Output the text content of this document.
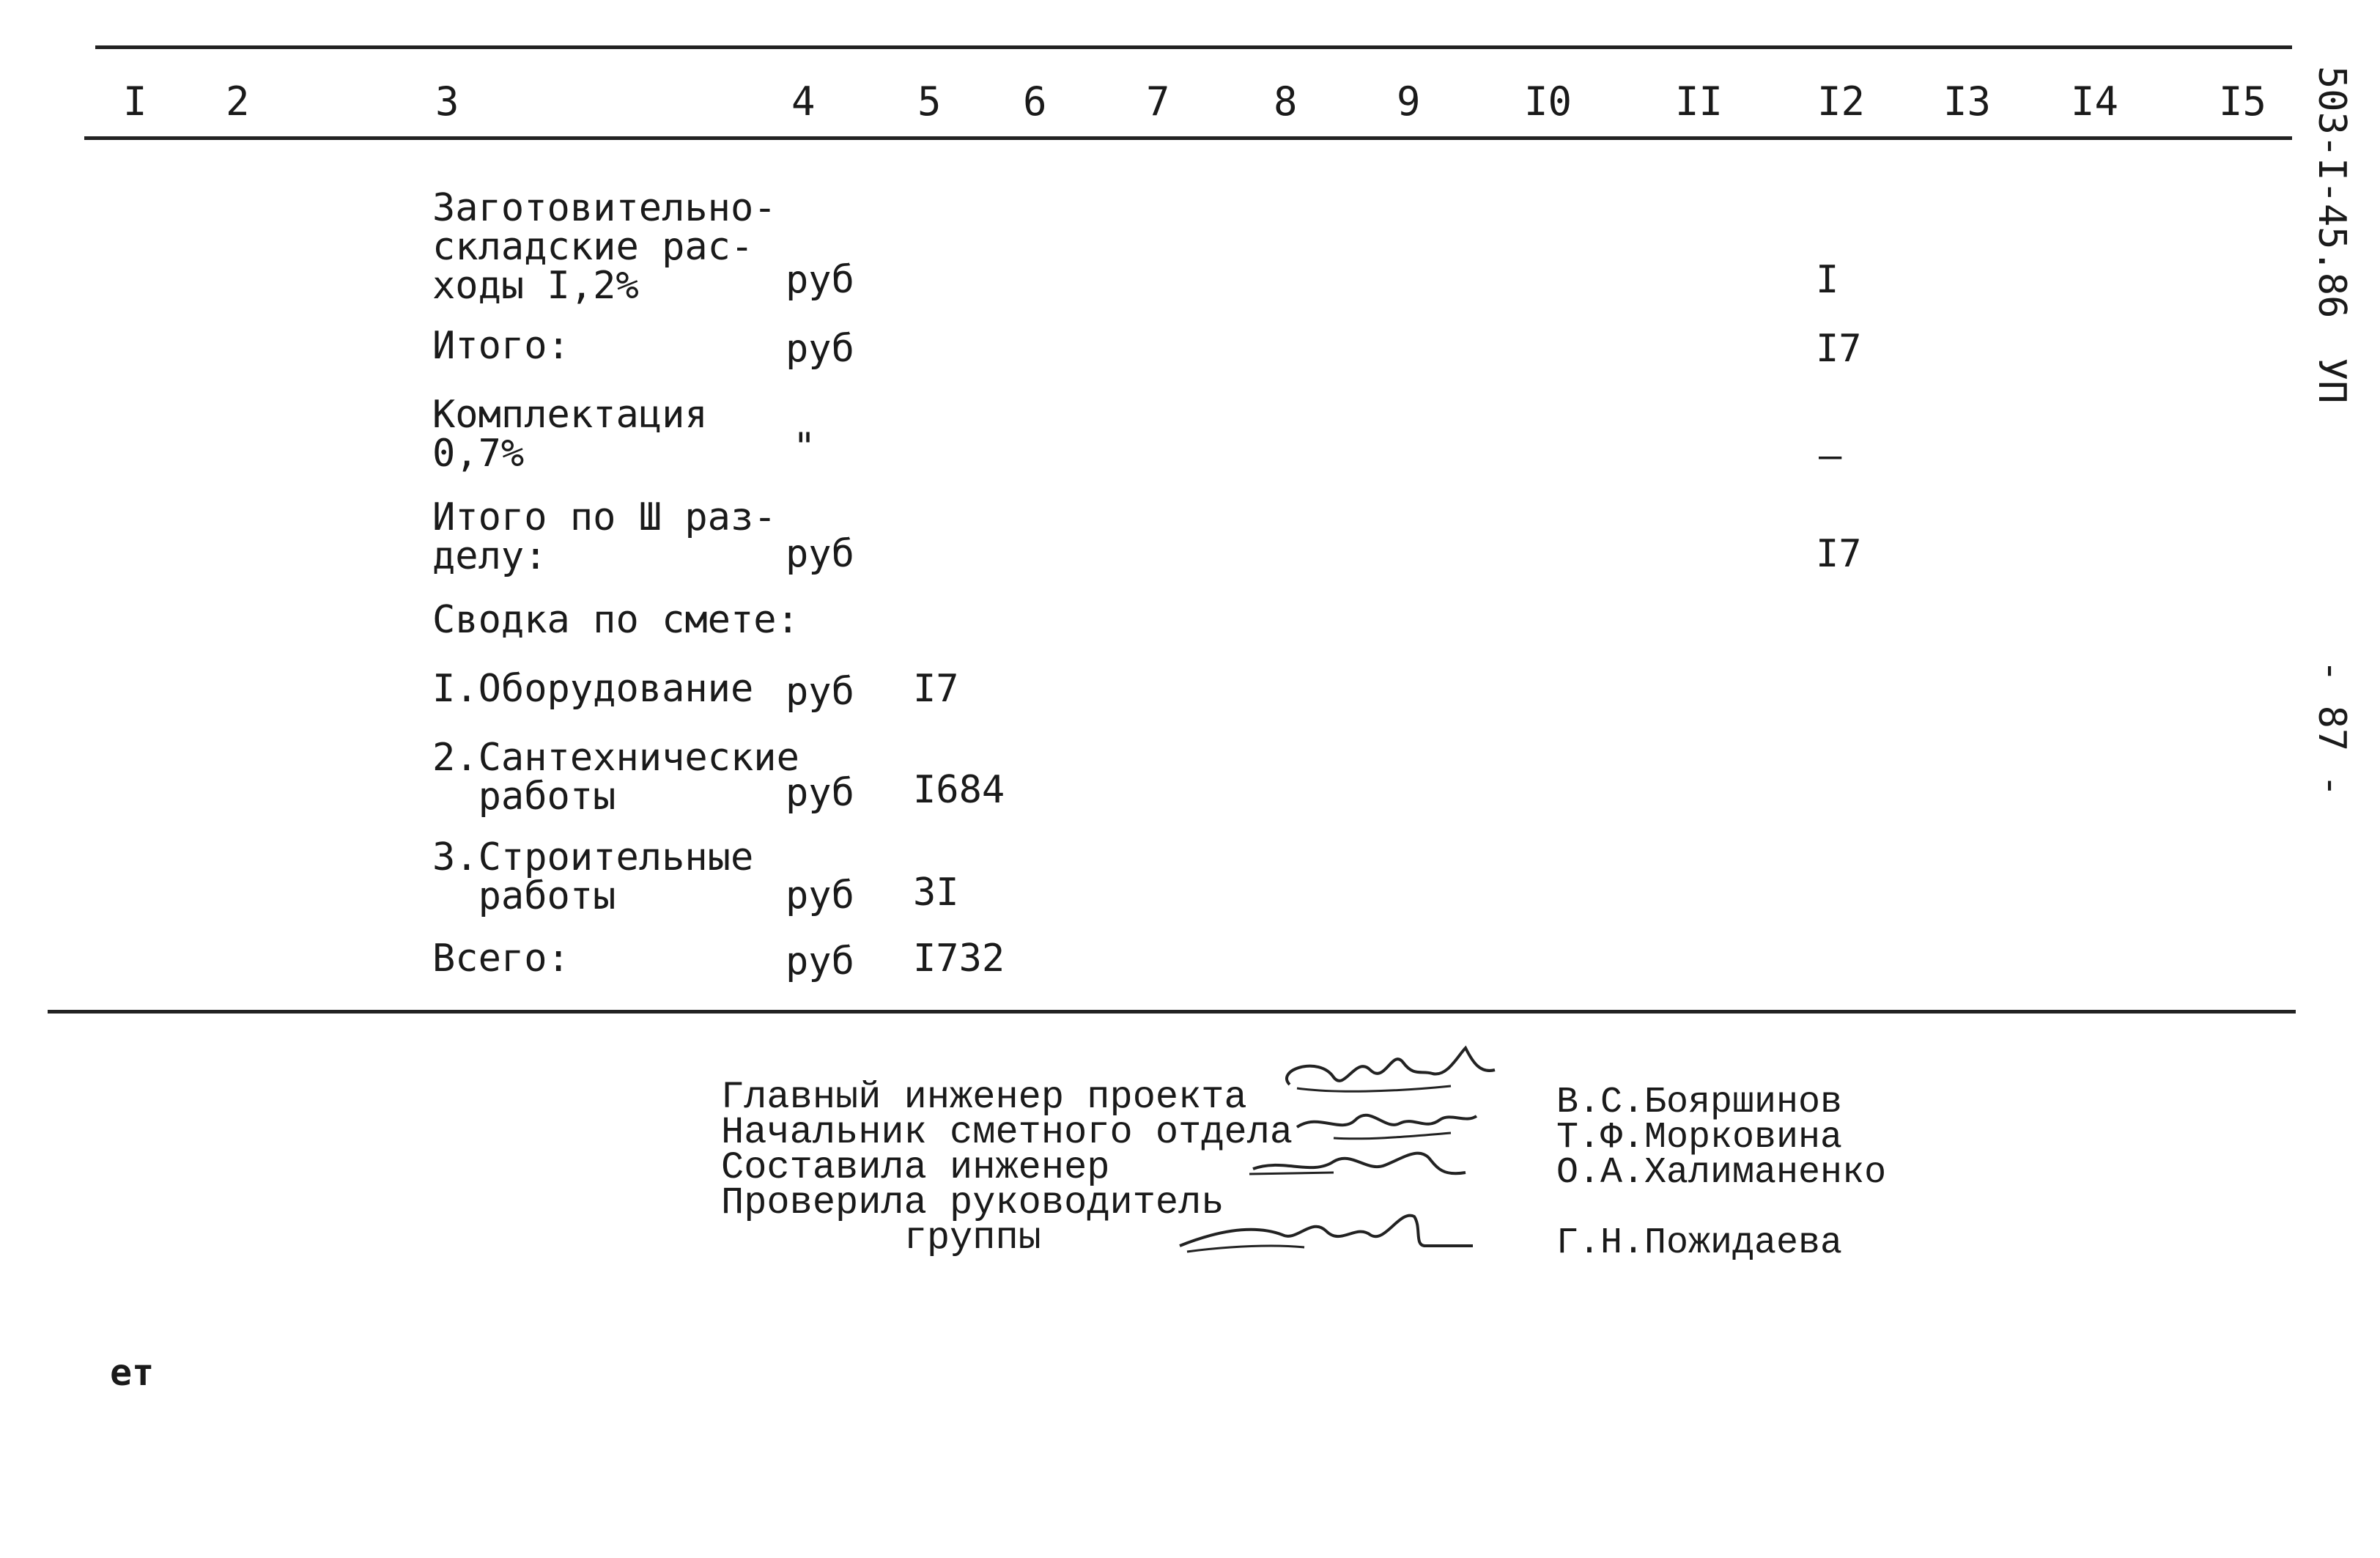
I 2	3	4	5 6	7	8	9	I0	II I2 I3 I4	I5
Заготовительно-
складские рас-
ходы I,2%	руб	I
Итого:	руб	I7
Комплектация
0,7%	"	–
Итого по Ш раз-
делу:	руб	I7
Сводка по смете:
I.Оборудование руб I7
2.Сантехнические
работы	руб I684
3.Строительные
работы	руб 3I
Всего:	руб I732
503-I-45.86
УП
- 87 -
Главный инженер проекта
Начальник сметного отдела
Составила инженер
Проверила руководитель
группы
В.С.Бояршинов
Т.Ф.Морковина
О.А.Халиманенко
Г.Н.Пожидаева
ет
